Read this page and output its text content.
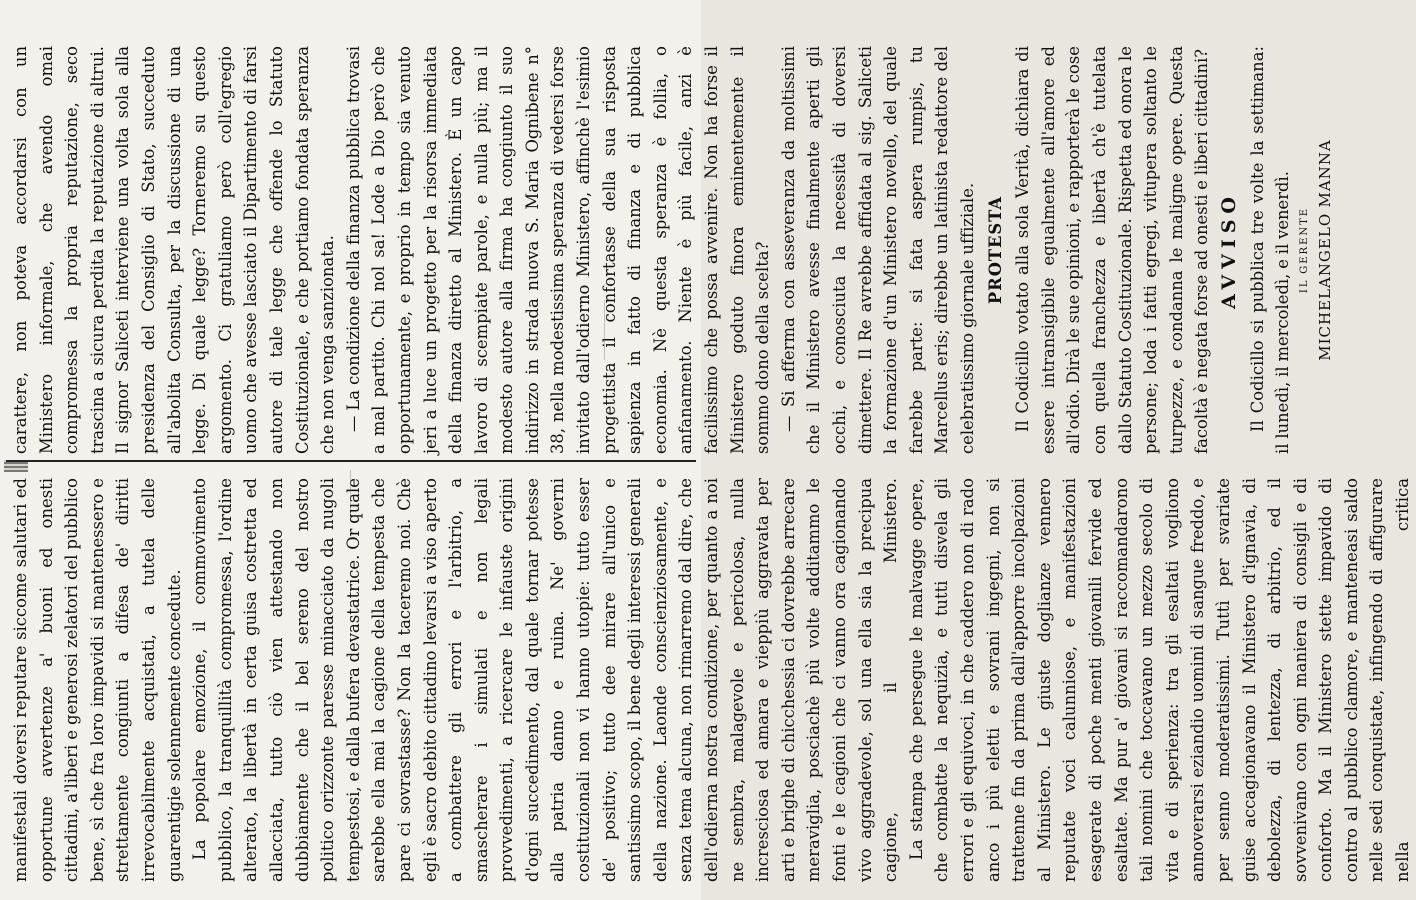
manifestali doversi reputare siccome salutari ed opportune avvertenze a' buoni ed onesti cittadini, a'liberi e generosi zelatori del pubblico bene, sì che fra loro impavidi si mantenessero e strettamente congiunti a difesa de' diritti irrevocabilmente acquistati, a tutela delle guarentigie solennemente concedute. La popolare emozione, il commovimento pubblico, la tranquillità compromessa, l'ordine alterato, la libertà in certa guisa costretta ed allacciata, tutto ciò vien attestando non dubbiamente che il bel sereno del nostro politico orizzonte paresse minacciato da nugoli tempestosi, e dalla bufera devastatrice. Or quale sarebbe ella mai la cagione della tempesta che pare ci sovrastasse? Non la taceremo noi. Chè egli è sacro debito cittadino levarsi a viso aperto a combattere gli errori e l'arbitrio, a smascherare i simulati e non legali provvedimenti, a ricercare le infauste origini d'ogni succedimento, dal quale tornar potesse alla patria danno e ruina. Ne' governi costituzionali non vi hanno utopie: tutto esser de' positivo; tutto dee mirare all'unico e santissimo scopo, il bene degli interessi generali della nazione. Laonde conscienziosamente, e senza tema alcuna, non rimarremo dal dire, che dell'odierna nostra condizione, per quanto a noi ne sembra, malagevole e pericolosa, nulla incresciosa ed amara e vieppiù aggravata per arti e brighe di chicchessia ci dovrebbe arrecare meraviglia, posciachè più volte additammo le fonti e le cagioni che ci vanno ora cagionando vivo aggradevole, sol una ella sia la precipua cagione, il Ministero. La stampa che persegue le malvagge opere, che combatte la nequizia, e tutti disvela gli errori e gli equivoci, in che caddero non di rado anco i più eletti e sovrani ingegni, non si trattenne fin da prima dall'apporre incolpazioni al Ministero. Le giuste doglianze vennero reputate voci calunniose, e manifestazioni esagerate di poche menti giovanili fervide ed esaltate. Ma pur a' giovani si raccomandarono tali nomini che toccavano un mezzo secolo di vita e di sperienza: tra gli esaltati vogliono annoverarsi eziandio uomini di sangue freddo, e per senno moderatissimi. Tuttì per svariate guise accagionavano il Ministero d'ignavia, di debolezza, di lentezza, di arbitrio, ed il sovvenivano con ogni maniera di consigli e di conforto. Ma il Ministero stette impavido di contro al pubblico clamore, e manteneasi saldo nelle sedi conquistate, infingendo di affigurare nella critica

carattere, non poteva accordarsi con un Ministero informale, che avendo omai compromessa la propria reputazione, seco trascina a sicura perdita la reputazione di altrui. Il signor Saliceti interviene una volta sola alla presidenza del Consiglio di Stato, succeduto all'abolita Consulta, per la discussione di una legge. Di quale legge? Torneremo su questo argomento. Ci gratuliamo però coll'egregio uomo che avesse lasciato il Dipartimento di farsi autore di tale legge che offende lo Statuto Costituzionale, e che portiamo fondata speranza che non venga sanzionata. — La condizione della finanza pubblica trovasi a mal partito. Chi nol sa! Lode a Dio però che opportunamente, e proprio in tempo sia venuto jeri a luce un progetto per la risorsa immediata della finanza diretto al Ministero. È un capo lavoro di scempiate parole, e nulla più; ma il modesto autore alla firma ha congiunto il suo indirizzo in strada nuova S. Maria Ognibene n° 38, nella modestissima speranza di vedersi forse invitato dall'odierno Ministero, affinchè l'esimio progettista il confortasse della sua risposta sapienza in fatto di finanza e di pubblica economia. Nè questa speranza è follia, o anfanamento. Niente è più facile, anzi è facilissimo che possa avvenire. Non ha forse il Ministero goduto finora eminentemente il sommo dono della scelta? — Si afferma con asseveranza da moltissimi che il Ministero avesse finalmente aperti gli occhi, e conosciuta la necessità di doversi dimettere. Il Re avrebbe affidata al sig. Saliceti la formazione d'un Ministero novello, del quale farebbe parte: si fata aspera rumpis, tu Marcellus eris; direbbe un latinista redattore del celebratissimo giornale uffiziale. PROTESTA Il Codicillo votato alla sola Verità, dichiara di essere intransigibile egualmente all'amore ed all'odio. Dirà le sue opinioni, e rapporterà le cose con quella franchezza e libertà ch'è tutelata dallo Statuto Costituzionale. Rispetta ed onora le persone; loda i fatti egregi, vitupera soltanto le turpezze, e condanna le maligne opere. Questa facoltà è negata forse ad onesti e liberi cittadini? AVVISO Il Codicillo si pubblica tre volte la settimana: il lunedì, il mercoledì, e il venerdì. IL GERENTE MICHELANGELO MANNA
